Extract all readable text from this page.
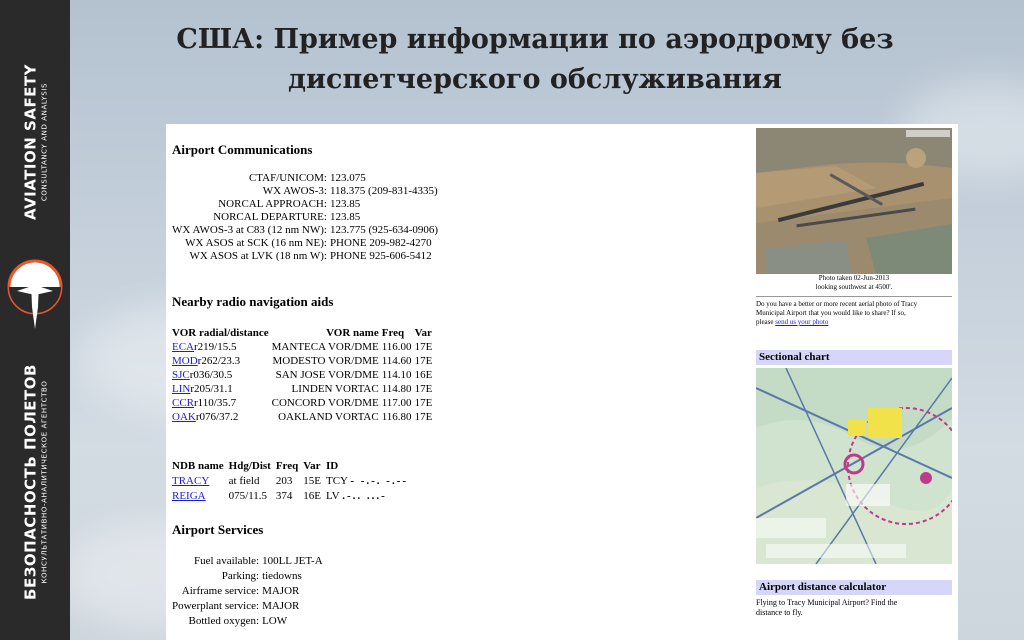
AVIATION SAFETY CONSULTANCY AND ANALYSIS
БЕЗОПАСНОСТЬ ПОЛЕТОВ КОНСУЛЬТАТИВНО-АНАЛИТИЧЕСКОЕ АГЕНТСТВО
США: Пример информации по аэродрому без
диспетчерского обслуживания
Airport Communications
CTAF/UNICOM:	123.075
WX AWOS-3:	118.375 (209-831-4335)
NORCAL APPROACH:	123.85
NORCAL DEPARTURE:	123.85
WX AWOS-3 at C83 (12 nm NW):	123.775 (925-634-0906)
WX ASOS at SCK (16 nm NE):	PHONE 209-982-4270
WX ASOS at LVK (18 nm W):	PHONE 925-606-5412
Nearby radio navigation aids
VOR radial/distance	VOR name	Freq	Var
ECAr219/15.5	MANTECA VOR/DME	116.00	17E
MODr262/23.3	MODESTO VOR/DME	114.60	17E
SJCr036/30.5	SAN JOSE VOR/DME	114.10	16E
LINr205/31.1	LINDEN VORTAC	114.80	17E
CCRr110/35.7	CONCORD VOR/DME	117.00	17E
OAKr076/37.2	OAKLAND VORTAC	116.80	17E
NDB name	Hdg/Dist	Freq	Var	ID
TRACY	at field	203	15E	TCY - -.-. -.--
REIGA	075/11.5	374	16E	LV .-.. ...-
Airport Services
Fuel available:	100LL JET-A
Parking:	tiedowns
Airframe service:	MAJOR
Powerplant service:	MAJOR
Bottled oxygen:	LOW
Photo taken 02-Jun-2013
looking southwest at 4500'.
Do you have a better or more recent aerial photo of Tracy
Municipal Airport that you would like to share? If so,
please send us your photo
Sectional chart
Airport distance calculator
Flying to Tracy Municipal Airport? Find the
distance to fly.
